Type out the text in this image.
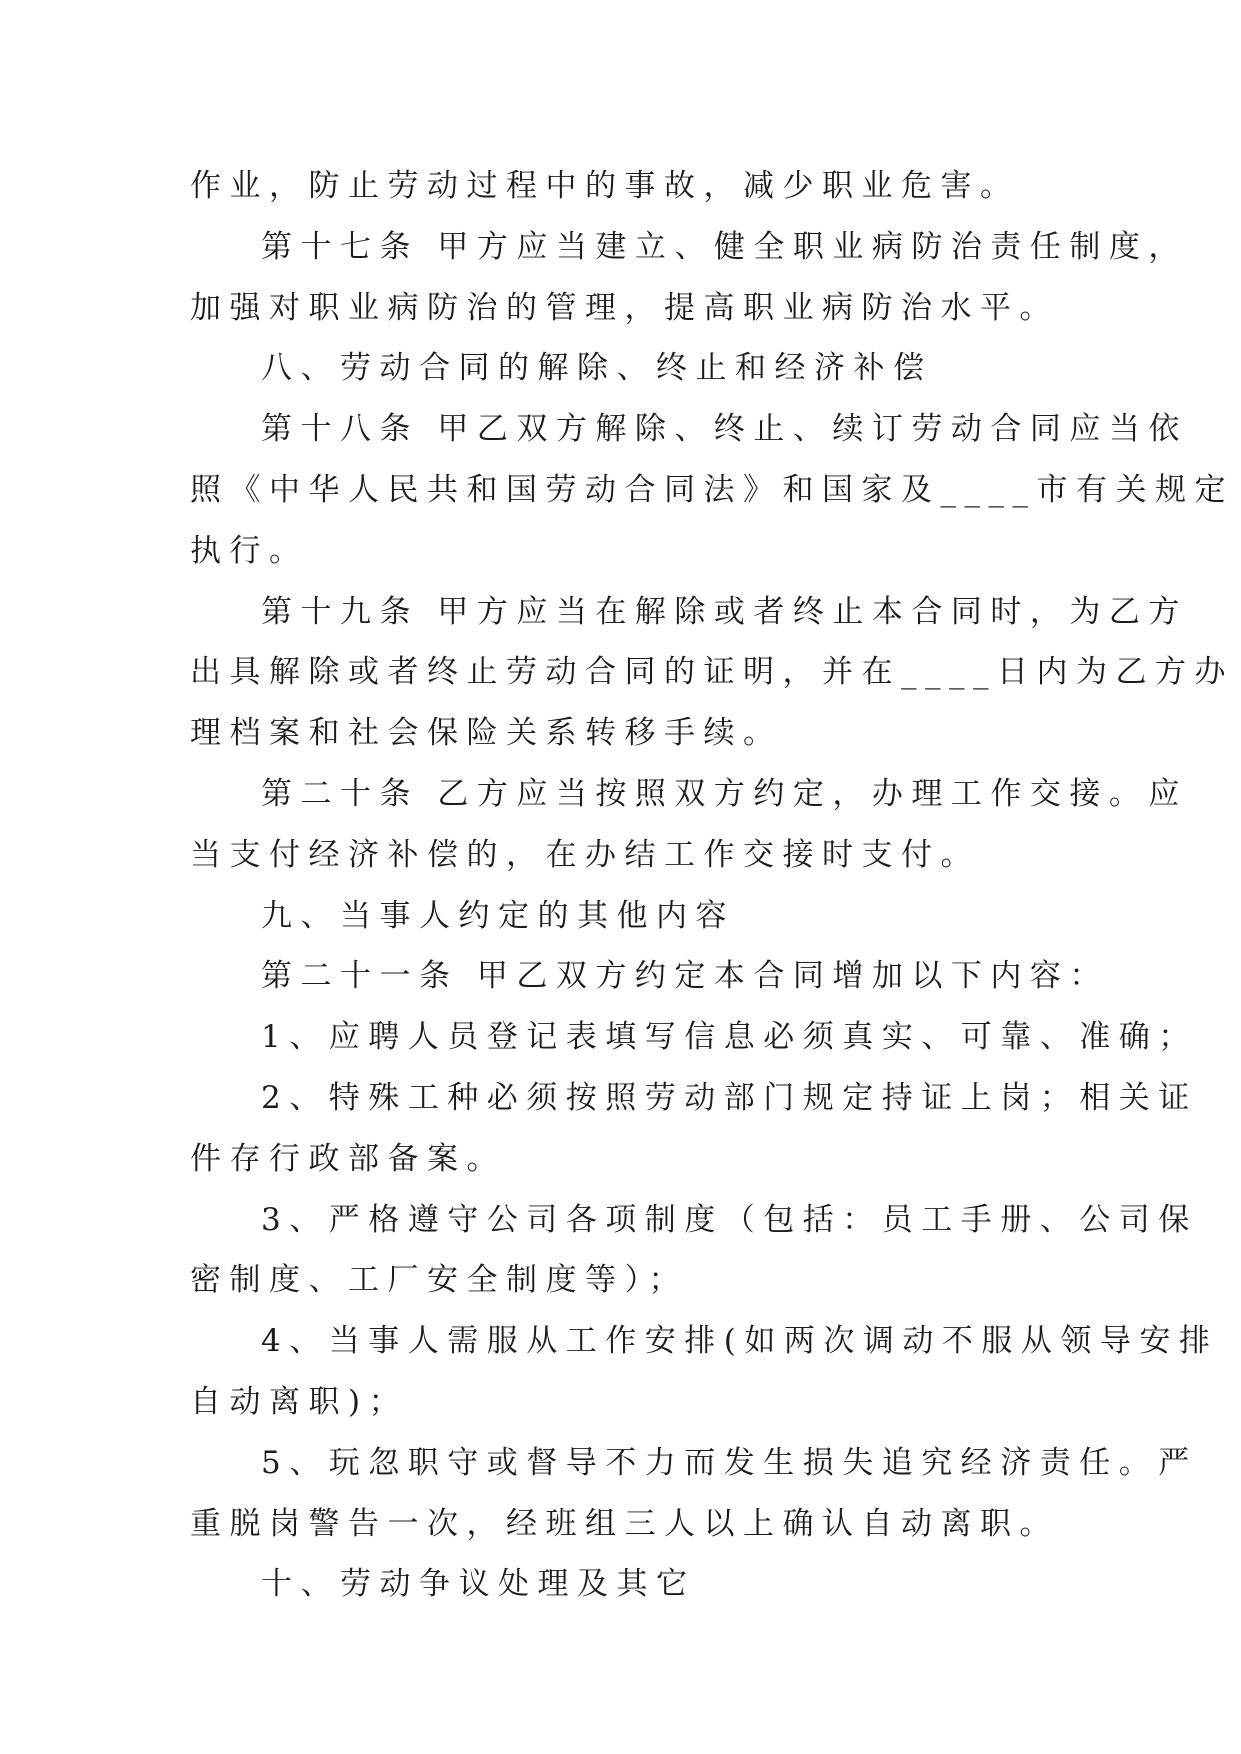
作业，防止劳动过程中的事故，减少职业危害。
第十七条 甲方应当建立、健全职业病防治责任制度，
加强对职业病防治的管理，提高职业病防治水平。
八、劳动合同的解除、终止和经济补偿
第十八条 甲乙双方解除、终止、续订劳动合同应当依
照《中华人民共和国劳动合同法》和国家及____市有关规定
执行。
第十九条 甲方应当在解除或者终止本合同时，为乙方
出具解除或者终止劳动合同的证明，并在____日内为乙方办
理档案和社会保险关系转移手续。
第二十条 乙方应当按照双方约定，办理工作交接。应
当支付经济补偿的，在办结工作交接时支付。
九、当事人约定的其他内容
第二十一条 甲乙双方约定本合同增加以下内容：
1、应聘人员登记表填写信息必须真实、可靠、准确；
2、特殊工种必须按照劳动部门规定持证上岗；相关证
件存行政部备案。
3、严格遵守公司各项制度（包括：员工手册、公司保
密制度、工厂安全制度等）；
4、当事人需服从工作安排(如两次调动不服从领导安排
自动离职)；
5、玩忽职守或督导不力而发生损失追究经济责任。严
重脱岗警告一次，经班组三人以上确认自动离职。
十、劳动争议处理及其它
